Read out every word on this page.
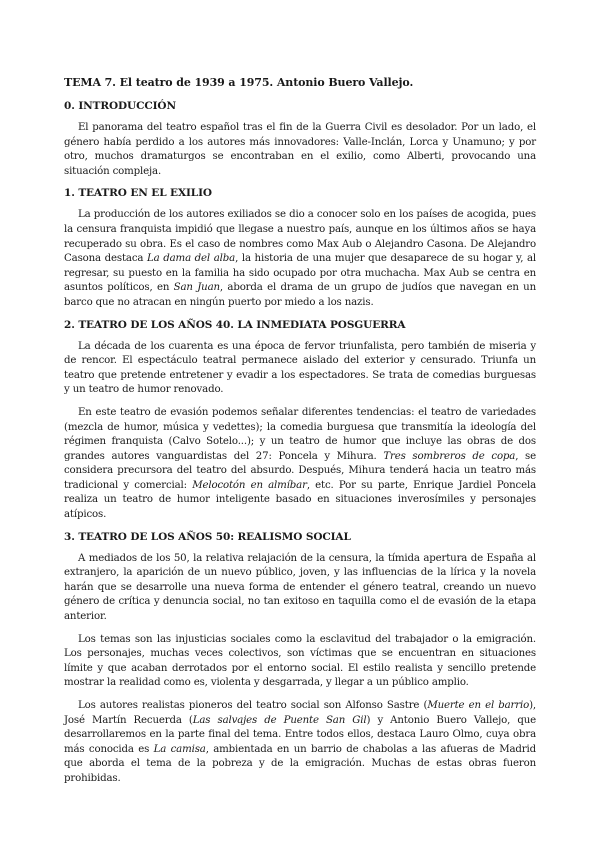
TEMA 7. El teatro de 1939 a 1975. Antonio Buero Vallejo.
0. INTRODUCCIÓN

El panorama del teatro español tras el fin de la Guerra Civil es desolador. Por un lado, el género había perdido a los autores más innovadores: Valle-Inclán, Lorca y Unamuno; y por otro, muchos dramaturgos se encontraban en el exilio, como Alberti, provocando una situación compleja.

1. TEATRO EN EL EXILIO

La producción de los autores exiliados se dio a conocer solo en los países de acogida, pues la censura franquista impidió que llegase a nuestro país, aunque en los últimos años se haya recuperado su obra. Es el caso de nombres como Max Aub o Alejandro Casona. De Alejandro Casona destaca La dama del alba, la historia de una mujer que desaparece de su hogar y, al regresar, su puesto en la familia ha sido ocupado por otra muchacha. Max Aub se centra en asuntos políticos, en San Juan, aborda el drama de un grupo de judíos que navegan en un barco que no atracan en ningún puerto por miedo a los nazis.

2. TEATRO DE LOS AÑOS 40. LA INMEDIATA POSGUERRA

La década de los cuarenta es una época de fervor triunfalista, pero también de miseria y de rencor. El espectáculo teatral permanece aislado del exterior y censurado. Triunfa un teatro que pretende entretener y evadir a los espectadores. Se trata de comedias burguesas y un teatro de humor renovado.

En este teatro de evasión podemos señalar diferentes tendencias: el teatro de variedades (mezcla de humor, música y vedettes); la comedia burguesa que transmitía la ideología del régimen franquista (Calvo Sotelo...); y un teatro de humor que incluye las obras de dos grandes autores vanguardistas del 27: Poncela y Mihura. Tres sombreros de copa, se considera precursora del teatro del absurdo. Después, Mihura tenderá hacia un teatro más tradicional y comercial: Melocotón en almíbar, etc. Por su parte, Enrique Jardiel Poncela realiza un teatro de humor inteligente basado en situaciones inverosímiles y personajes atípicos.

3. TEATRO DE LOS AÑOS 50: REALISMO SOCIAL

A mediados de los 50, la relativa relajación de la censura, la tímida apertura de España al extranjero, la aparición de un nuevo público, joven, y las influencias de la lírica y la novela harán que se desarrolle una nueva forma de entender el género teatral, creando un nuevo género de crítica y denuncia social, no tan exitoso en taquilla como el de evasión de la etapa anterior.

Los temas son las injusticias sociales como la esclavitud del trabajador o la emigración. Los personajes, muchas veces colectivos, son víctimas que se encuentran en situaciones límite y que acaban derrotados por el entorno social. El estilo realista y sencillo pretende mostrar la realidad como es, violenta y desgarrada, y llegar a un público amplio.

Los autores realistas pioneros del teatro social son Alfonso Sastre (Muerte en el barrio), José Martín Recuerda (Las salvajes de Puente San Gil) y Antonio Buero Vallejo, que desarrollaremos en la parte final del tema. Entre todos ellos, destaca Lauro Olmo, cuya obra más conocida es La camisa, ambientada en un barrio de chabolas a las afueras de Madrid que aborda el tema de la pobreza y de la emigración. Muchas de estas obras fueron prohibidas.
